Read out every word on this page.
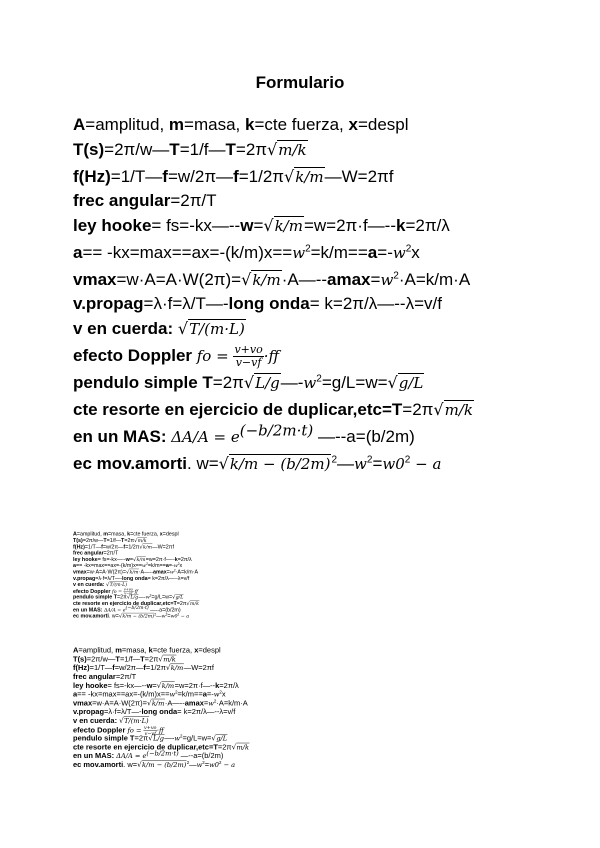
Formulario
A=amplitud, m=masa, k=cte fuerza, x=despl
T(s)=2π/w—T=1/f—T=2π√m/k
f(Hz)=1/T—f=w/2π—f=1/2π√k/m—W=2πf
frec angular=2π/T
ley hooke= fs=-kx—--w=√k/m=w=2π·f—--k=2π/λ
$a== -kx=\max==ax=-(k/m)x==w^2=k/m==a=-w^2x$
$vmax=w\cdot A=A\cdot W(2\pi)=√k/m\cdot A—--amax=w^2\cdot A=k/m\cdot A$
v.propag=λ·f=λ/T—-long onda= k=2π/λ—--λ=v/f
v en cuerda: √T/(m·L)
efecto Doppler fo = $\frac{v+vo}{v-vf} \cdot ff$
pendulo simple $T=2\pi√L/g—-w^2=g/L=w=√g/L$
cte resorte en ejercicio de duplicar,etc=T=2π√m/k
en un MAS: $\Delta A/A = e^{(-b/2m\cdot t)}$ —--a=(b/2m)
ec mov.amorti. $w=√k/m - (b/2m)^2—w^2=w0^2 - a$
A=amplitud, m=masa, k=cte fuerza, x=despl
T(s)=2π/w—T=1/f—T=2π√m/k
f(Hz)=1/T—f=w/2π—f=1/2π√k/m—W=2πf
frec angular=2π/T
ley hooke= fs=-kx—--w=√k/m=w=2π·f—--k=2π/λ
$a== -kx=\max==ax=-(k/m)x==w^2=k/m==a=-w^2x$
$vmax=w\cdot A=A\cdot W(2\pi)=√k/m\cdot A—--amax=w^2\cdot A=k/m\cdot A$
v.propag=λ·f=λ/T—-long onda= k=2π/λ—--λ=v/f
v en cuerda: √T/(m·L)
efecto Doppler fo = $\frac{v+vo}{v-vf} \cdot ff$
pendulo simple $T=2\pi√L/g—-w^2=g/L=w=√g/L$
cte resorte en ejercicio de duplicar,etc=T=2π√m/k
en un MAS: $\Delta A/A = e^{(-b/2m\cdot t)}$ —--a=(b/2m)
ec mov.amorti. $w=√k/m - (b/2m)^2—w^2=w0^2 - a$
A=amplitud, m=masa, k=cte fuerza, x=despl
T(s)=2π/w—T=1/f—T=2π√m/k
f(Hz)=1/T—f=w/2π—f=1/2π√k/m—W=2πf
frec angular=2π/T
ley hooke= fs=-kx—--w=√k/m=w=2π·f—--k=2π/λ
$a== -kx=\max==ax=-(k/m)x==w^2=k/m==a=-w^2x$
$vmax=w\cdot A=A\cdot W(2\pi)=√k/m\cdot A—--amax=w^2\cdot A=k/m\cdot A$
v.propag=λ·f=λ/T—-long onda= k=2π/λ—--λ=v/f
v en cuerda: √T/(m·L)
efecto Doppler fo = $\frac{v+vo}{v-vf} \cdot ff$
pendulo simple $T=2\pi√L/g—-w^2=g/L=w=√g/L$
cte resorte en ejercicio de duplicar,etc=T=2π√m/k
en un MAS: $\Delta A/A = e^{(-b/2m\cdot t)}$ —--a=(b/2m)
ec mov.amorti. $w=√k/m - (b/2m)^2—w^2=w0^2 - a$
